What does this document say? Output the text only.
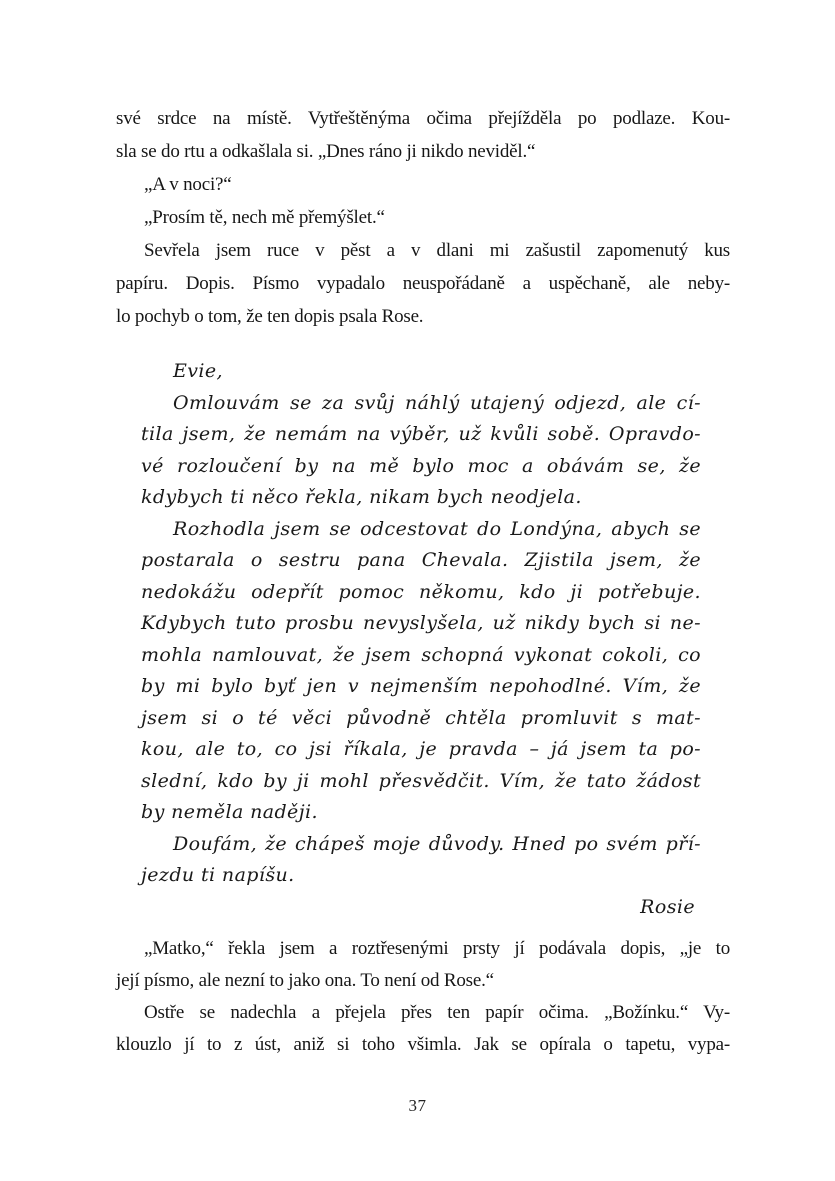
své srdce na místě. Vytřeštěnýma očima přejížděla po podlaze. Kou-
sla se do rtu a odkašlala si. „Dnes ráno ji nikdo neviděl.“
„A v noci?“
„Prosím tě, nech mě přemýšlet.“
Sevřela jsem ruce v pěst a v dlani mi zašustil zapomenutý kus
papíru. Dopis. Písmo vypadalo neuspořádaně a uspěchaně, ale neby-
lo pochyb o tom, že ten dopis psala Rose.
Evie,
Omlouvám se za svůj náhlý utajený odjezd, ale cí-
tila jsem, že nemám na výběr, už kvůli sobě. Opravdo-
vé rozloučení by na mě bylo moc a obávám se, že
kdybych ti něco řekla, nikam bych neodjela.
Rozhodla jsem se odcestovat do Londýna, abych se
postarala o sestru pana Chevala. Zjistila jsem, že
nedokážu odepřít pomoc někomu, kdo ji potřebuje.
Kdybych tuto prosbu nevyslyšela, už nikdy bych si ne-
mohla namlouvat, že jsem schopná vykonat cokoli, co
by mi bylo byť jen v nejmenším nepohodlné. Vím, že
jsem si o té věci původně chtěla promluvit s mat-
kou, ale to, co jsi říkala, je pravda – já jsem ta po-
slední, kdo by ji mohl přesvědčit. Vím, že tato žádost
by neměla naději.
Doufám, že chápeš moje důvody. Hned po svém pří-
jezdu ti napíšu.
Rosie
„Matko,“ řekla jsem a roztřesenými prsty jí podávala dopis, „je to
její písmo, ale nezní to jako ona. To není od Rose.“
Ostře se nadechla a přejela přes ten papír očima. „Božínku.“ Vy-
klouzlo jí to z úst, aniž si toho všimla. Jak se opírala o tapetu, vypa-
37
